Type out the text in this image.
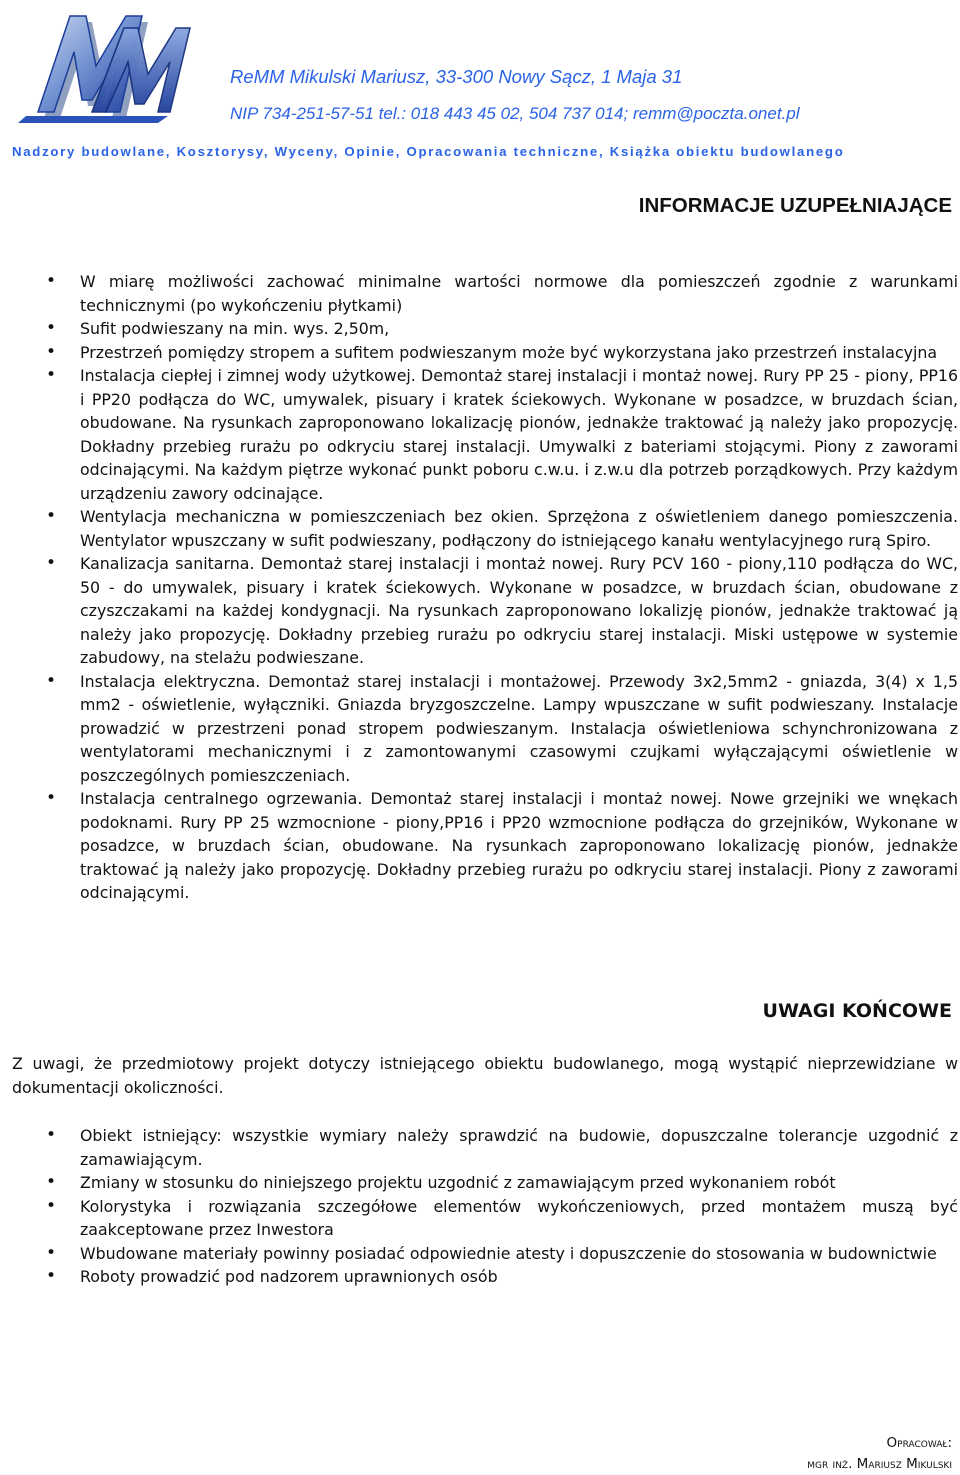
ReMM Mikulski Mariusz, 33-300 Nowy Sącz, 1 Maja 31
NIP 734-251-57-51 tel.: 018 443 45 02, 504 737 014; remm@poczta.onet.pl
Nadzory budowlane, Kosztorysy, Wyceny, Opinie, Opracowania techniczne, Książka obiektu budowlanego
INFORMACJE UZUPEŁNIAJĄCE
• W miarę możliwości zachować minimalne wartości normowe dla pomieszczeń zgodnie z warunkami technicznymi (po wykończeniu płytkami)
• Sufit podwieszany na min. wys. 2,50m,
• Przestrzeń pomiędzy stropem a sufitem podwieszanym może być wykorzystana jako przestrzeń instalacyjna
• Instalacja ciepłej i zimnej wody użytkowej. Demontaż starej instalacji i montaż nowej. Rury PP 25 - piony, PP16 i PP20 podłącza do WC, umywalek, pisuary i kratek ściekowych. Wykonane w posadzce, w bruzdach ścian, obudowane. Na rysunkach zaproponowano lokalizację pionów, jednakże traktować ją należy jako propozycję. Dokładny przebieg rurażu po odkryciu starej instalacji. Umywalki z bateriami stojącymi. Piony z zaworami odcinającymi. Na każdym piętrze wykonać punkt poboru c.w.u. i z.w.u dla potrzeb porządkowych. Przy każdym urządzeniu zawory odcinające.
• Wentylacja mechaniczna w pomieszczeniach bez okien. Sprzężona z oświetleniem danego pomieszczenia. Wentylator wpuszczany w sufit podwieszany, podłączony do istniejącego kanału wentylacyjnego rurą Spiro.
• Kanalizacja sanitarna. Demontaż starej instalacji i montaż nowej. Rury PCV 160 - piony,110 podłącza do WC, 50 - do umywalek, pisuary i kratek ściekowych. Wykonane w posadzce, w bruzdach ścian, obudowane z czyszczakami na każdej kondygnacji. Na rysunkach zaproponowano lokalizję pionów, jednakże traktować ją należy jako propozycję. Dokładny przebieg rurażu po odkryciu starej instalacji. Miski ustępowe w systemie zabudowy, na stelażu podwieszane.
• Instalacja elektryczna. Demontaż starej instalacji i montażowej. Przewody 3x2,5mm2 - gniazda, 3(4) x 1,5 mm2 - oświetlenie, wyłączniki. Gniazda bryzgoszczelne. Lampy wpuszczane w sufit podwieszany. Instalacje prowadzić w przestrzeni ponad stropem podwieszanym. Instalacja oświetleniowa schynchronizowana z wentylatorami mechanicznymi i z zamontowanymi czasowymi czujkami wyłączającymi oświetlenie w poszczególnych pomieszczeniach.
• Instalacja centralnego ogrzewania. Demontaż starej instalacji i montaż nowej. Nowe grzejniki we wnękach podoknami. Rury PP 25 wzmocnione - piony,PP16 i PP20 wzmocnione podłącza do grzejników, Wykonane w posadzce, w bruzdach ścian, obudowane. Na rysunkach zaproponowano lokalizację pionów, jednakże traktować ją należy jako propozycję. Dokładny przebieg rurażu po odkryciu starej instalacji. Piony z zaworami odcinającymi.
UWAGI KOŃCOWE

Z uwagi, że przedmiotowy projekt dotyczy istniejącego obiektu budowlanego, mogą wystąpić nieprzewidziane w dokumentacji okoliczności.

• Obiekt istniejący: wszystkie wymiary należy sprawdzić na budowie, dopuszczalne tolerancje uzgodnić z zamawiającym.
• Zmiany w stosunku do niniejszego projektu uzgodnić z zamawiającym przed wykonaniem robót
• Kolorystyka i rozwiązania szczegółowe elementów wykończeniowych, przed montażem muszą być zaakceptowane przez Inwestora
• Wbudowane materiały powinny posiadać odpowiednie atesty i dopuszczenie do stosowania w budownictwie
• Roboty prowadzić pod nadzorem uprawnionych osób
Opracował:
mgr inż. Mariusz Mikulski
